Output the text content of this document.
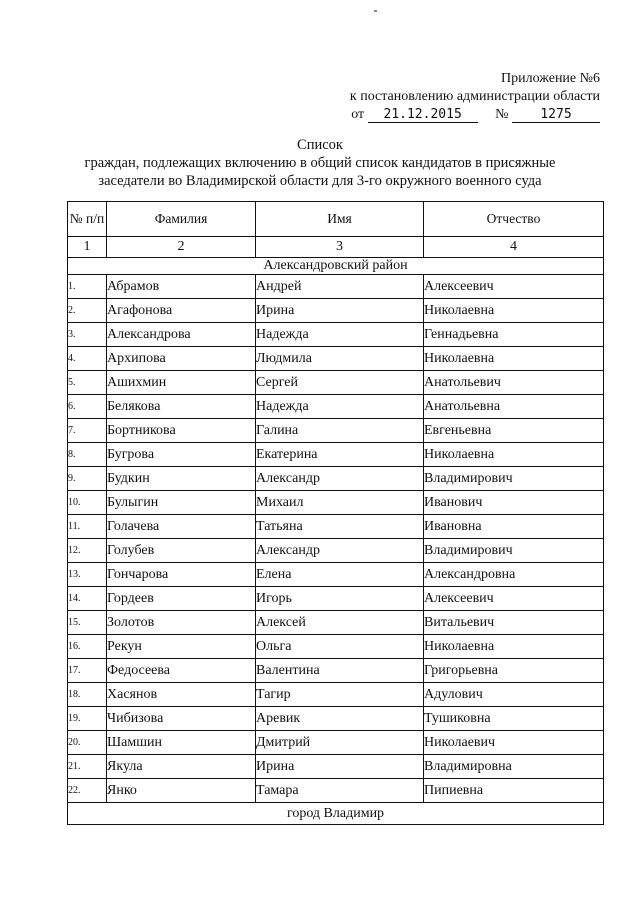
Приложение №6
к постановлению администрации области
от 21.12.2015 № 1275
Список
граждан, подлежащих включению в общий список кандидатов в присяжные
заседатели во Владимирской области для 3-го окружного военного суда
№ п/п	Фамилия	Имя	Отчество
1	2	3	4
Александровский район			
1.	Абрамов	Андрей	Алексеевич
2.	Агафонова	Ирина	Николаевна
3.	Александрова	Надежда	Геннадьевна
4.	Архипова	Людмила	Николаевна
5.	Ашихмин	Сергей	Анатольевич
6.	Белякова	Надежда	Анатольевна
7.	Бортникова	Галина	Евгеньевна
8.	Бугрова	Екатерина	Николаевна
9.	Будкин	Александр	Владимирович
10.	Булыгин	Михаил	Иванович
11.	Голачева	Татьяна	Ивановна
12.	Голубев	Александр	Владимирович
13.	Гончарова	Елена	Александровна
14.	Гордеев	Игорь	Алексеевич
15.	Золотов	Алексей	Витальевич
16.	Рекун	Ольга	Николаевна
17.	Федосеева	Валентина	Григорьевна
18.	Хасянов	Тагир	Адулович
19.	Чибизова	Аревик	Тушиковна
20.	Шамшин	Дмитрий	Николаевич
21.	Якула	Ирина	Владимировна
22.	Янко	Тамара	Пипиевна
город Владимир			
